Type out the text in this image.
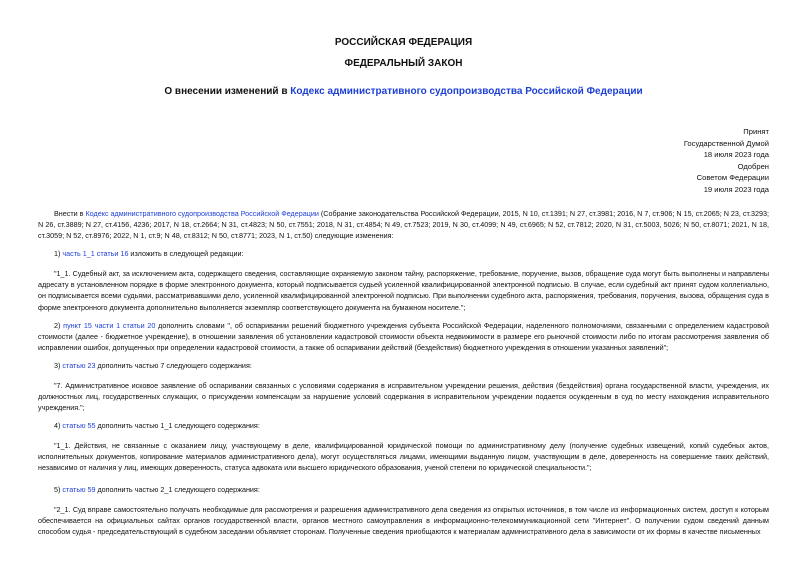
РОССИЙСКАЯ ФЕДЕРАЦИЯ
ФЕДЕРАЛЬНЫЙ ЗАКОН
О внесении изменений в Кодекс административного судопроизводства Российской Федерации
Принят
Государственной Думой
18 июля 2023 года
Одобрен
Советом Федерации
19 июля 2023 года
Внести в Кодекс административного судопроизводства Российской Федерации (Собрание законодательства Российской Федерации, 2015, N 10, ст.1391; N 27, ст.3981; 2016, N 7, ст.906; N 15, ст.2065; N 23, ст.3293; N 26, ст.3889; N 27, ст.4156, 4236; 2017, N 18, ст.2664; N 31, ст.4823; N 50, ст.7551; 2018, N 31, ст.4854; N 49, ст.7523; 2019, N 30, ст.4099; N 49, ст.6965; N 52, ст.7812; 2020, N 31, ст.5003, 5026; N 50, ст.8071; 2021, N 18, ст.3059; N 52, ст.8976; 2022, N 1, ст.9; N 48, ст.8312; N 50, ст.8771; 2023, N 1, ст.50) следующие изменения:
1) часть 1_1 статьи 16 изложить в следующей редакции:
"1_1. Судебный акт, за исключением акта, содержащего сведения, составляющие охраняемую законом тайну, распоряжение, требование, поручение, вызов, обращение суда могут быть выполнены и направлены адресату в установленном порядке в форме электронного документа, который подписывается судьей усиленной квалифицированной электронной подписью. В случае, если судебный акт принят судом коллегиально, он подписывается всеми судьями, рассматривавшими дело, усиленной квалифицированной электронной подписью. При выполнении судебного акта, распоряжения, требования, поручения, вызова, обращения суда в форме электронного документа дополнительно выполняется экземпляр соответствующего документа на бумажном носителе.";
2) пункт 15 части 1 статьи 20 дополнить словами ", об оспаривании решений бюджетного учреждения субъекта Российской Федерации, наделенного полномочиями, связанными с определением кадастровой стоимости (далее - бюджетное учреждение), в отношении заявления об установлении кадастровой стоимости объекта недвижимости в размере его рыночной стоимости либо по итогам рассмотрения заявления об исправлении ошибок, допущенных при определении кадастровой стоимости, а также об оспаривании действий (бездействия) бюджетного учреждения в отношении указанных заявлений";
3) статью 23 дополнить частью 7 следующего содержания:
"7. Административное исковое заявление об оспаривании связанных с условиями содержания в исправительном учреждении решения, действия (бездействия) органа государственной власти, учреждения, их должностных лиц, государственных служащих, о присуждении компенсации за нарушение условий содержания в исправительном учреждении подается осужденным в суд по месту нахождения исправительного учреждения.";
4) статью 55 дополнить частью 1_1 следующего содержания:
"1_1. Действия, не связанные с оказанием лицу, участвующему в деле, квалифицированной юридической помощи по административному делу (получение судебных извещений, копий судебных актов, исполнительных документов, копирование материалов административного дела), могут осуществляться лицами, имеющими выданную лицом, участвующим в деле, доверенность на совершение таких действий, независимо от наличия у лиц, имеющих доверенность, статуса адвоката или высшего юридического образования, ученой степени по юридической специальности.";
5) статью 59 дополнить частью 2_1 следующего содержания:
"2_1. Суд вправе самостоятельно получать необходимые для рассмотрения и разрешения административного дела сведения из открытых источников, в том числе из информационных систем, доступ к которым обеспечивается на официальных сайтах органов государственной власти, органов местного самоуправления в информационно-телекоммуникационной сети "Интернет". О получении судом сведений данным способом судья - председательствующий в судебном заседании объявляет сторонам. Полученные сведения приобщаются к материалам административного дела в зависимости от их формы в качестве письменных
